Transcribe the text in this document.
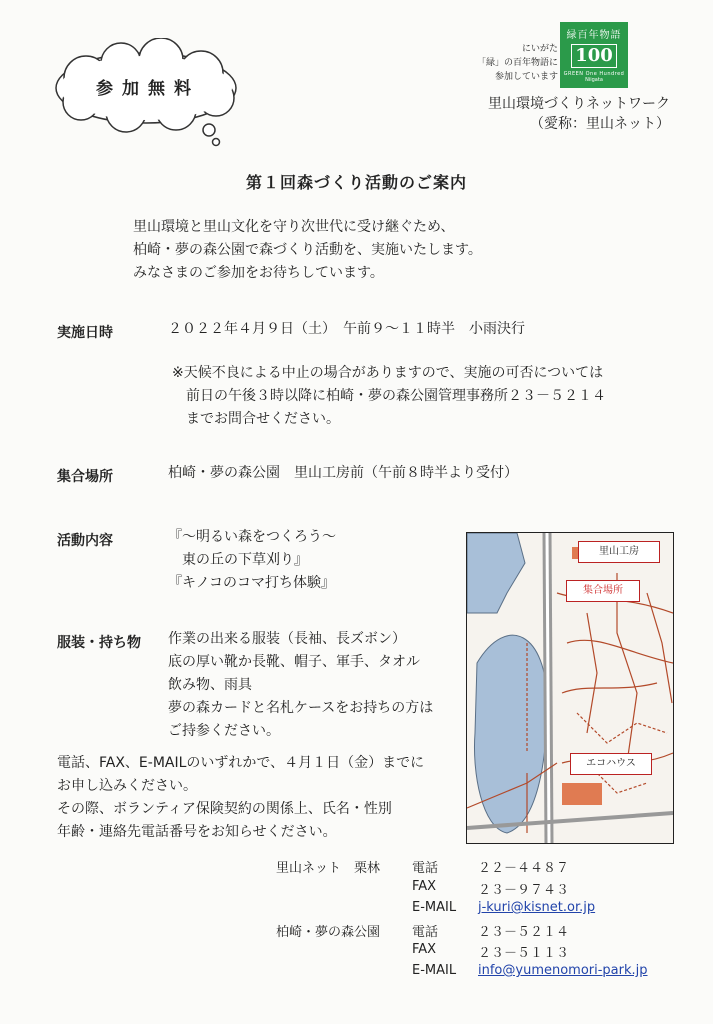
参加無料
にいがた
「緑」の百年物語に
参加しています
緑百年物語
100
GREEN One Hundred
Niigata
里山環境づくりネットワーク
（愛称：里山ネット）
第１回森づくり活動のご案内
里山環境と里山文化を守り次世代に受け継ぐため、
柏崎・夢の森公園で森づくり活動を、実施いたします。
みなさまのご参加をお待ちしています。
実施日時	２０２２年４月９日（土）　午前９～１１時半　小雨決行
※天候不良による中止の場合がありますので、実施の可否については
　前日の午後３時以降に柏崎・夢の森公園管理事務所２３－５２１４
　までお問合せください。
集合場所	柏崎・夢の森公園　里山工房前（午前８時半より受付）
活動内容	『～明るい森をつくろう～
　東の丘の下草刈り』
『キノコのコマ打ち体験』
服装・持ち物 作業の出来る服装（長袖、長ズボン）
底の厚い靴か長靴、帽子、軍手、タオル
飲み物、雨具
夢の森カードと名札ケースをお持ちの方は
ご持参ください。
電話、FAX、E-MAILのいずれかで、４月１日（金）までに
お申し込みください。
その際、ボランティア保険契約の関係上、氏名・性別
年齢・連絡先電話番号をお知らせください。
里山工房
集合場所
エコハウス
里山ネット　栗林 電話	２２－４４８７
FAX	２３－９７４３
E-MAIL j-kuri@kisnet.or.jp
柏崎・夢の森公園 電話	２３－５２１４
FAX	２３－５１１３
E-MAIL info@yumenomori-park.jp
